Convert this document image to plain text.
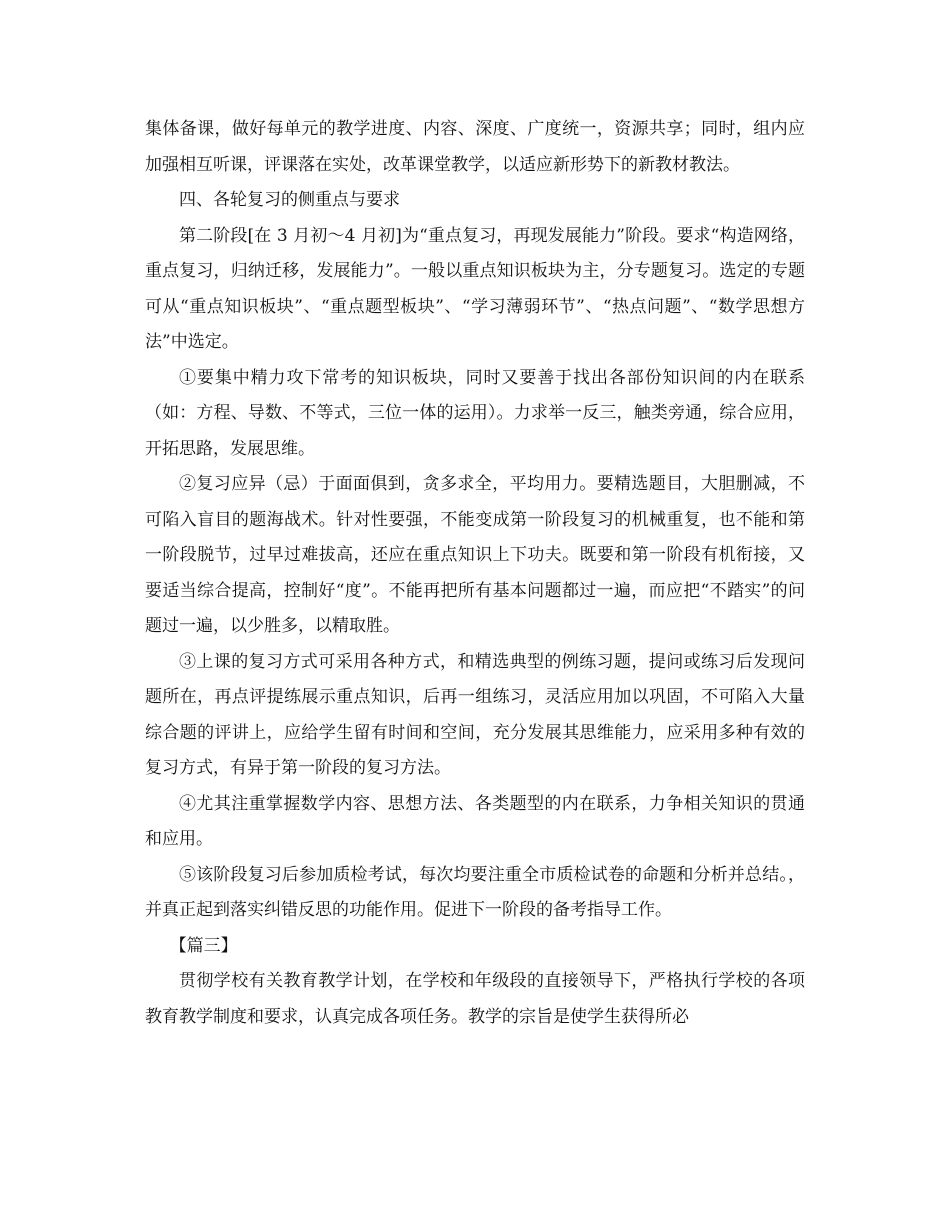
集体备课，做好每单元的教学进度、内容、深度、广度统一，资源共享；同时，组内应加强相互听课，评课落在实处，改革课堂教学，以适应新形势下的新教材教法。

四、各轮复习的侧重点与要求

第二阶段[在 3 月初～4 月初]为“重点复习，再现发展能力”阶段。要求“构造网络，重点复习，归纳迁移，发展能力”。一般以重点知识板块为主，分专题复习。选定的专题可从“重点知识板块”、“重点题型板块”、“学习薄弱环节”、“热点问题”、“数学思想方法”中选定。

①要集中精力攻下常考的知识板块，同时又要善于找出各部份知识间的内在联系（如：方程、导数、不等式，三位一体的运用）。力求举一反三，触类旁通，综合应用，开拓思路，发展思维。

②复习应异（忌）于面面俱到，贪多求全，平均用力。要精选题目，大胆删减，不可陷入盲目的题海战术。针对性要强，不能变成第一阶段复习的机械重复，也不能和第一阶段脱节，过早过难拔高，还应在重点知识上下功夫。既要和第一阶段有机衔接，又要适当综合提高，控制好“度”。不能再把所有基本问题都过一遍，而应把“不踏实”的问题过一遍，以少胜多，以精取胜。

③上课的复习方式可采用各种方式，和精选典型的例练习题，提问或练习后发现问题所在，再点评提练展示重点知识，后再一组练习，灵活应用加以巩固，不可陷入大量综合题的评讲上，应给学生留有时间和空间，充分发展其思维能力，应采用多种有效的复习方式，有异于第一阶段的复习方法。

④尤其注重掌握数学内容、思想方法、各类题型的内在联系，力争相关知识的贯通和应用。

⑤该阶段复习后参加质检考试，每次均要注重全市质检试卷的命题和分析并总结。，并真正起到落实纠错反思的功能作用。促进下一阶段的备考指导工作。

【篇三】

贯彻学校有关教育教学计划，在学校和年级段的直接领导下，严格执行学校的各项教育教学制度和要求，认真完成各项任务。教学的宗旨是使学生获得所必
